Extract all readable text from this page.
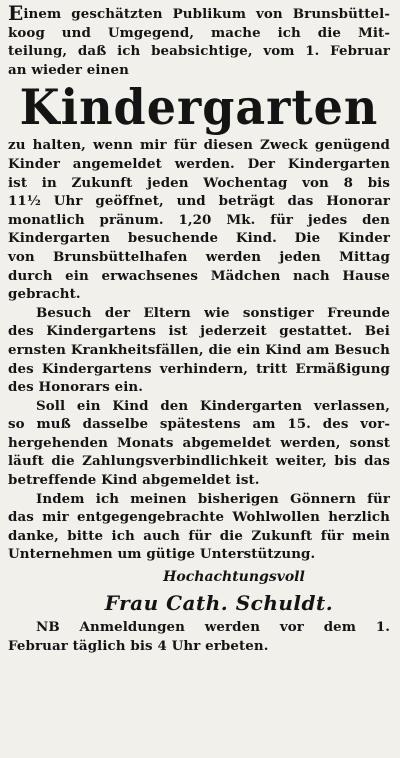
Einem geschätzten Publikum von Brunsbüttel-
koog und Umgegend, mache ich die Mit-
teilung, daß ich beabsichtige, vom 1. Februar
an wieder einen
Kindergarten
zu halten, wenn mir für diesen Zweck genügend
Kinder angemeldet werden. Der Kindergarten
ist in Zukunft jeden Wochentag von 8 bis
11½ Uhr geöffnet, und beträgt das Honorar
monatlich pränum. 1,20 Mk. für jedes den
Kindergarten besuchende Kind. Die Kinder
von Brunsbüttelhafen werden jeden Mittag
durch ein erwachsenes Mädchen nach Hause
gebracht.
Besuch der Eltern wie sonstiger Freunde
des Kindergartens ist jederzeit gestattet. Bei
ernsten Krankheitsfällen, die ein Kind am Besuch
des Kindergartens verhindern, tritt Ermäßigung
des Honorars ein.
Soll ein Kind den Kindergarten verlassen,
so muß dasselbe spätestens am 15. des vor-
hergehenden Monats abgemeldet werden, sonst
läuft die Zahlungsverbindlichkeit weiter, bis das
betreffende Kind abgemeldet ist.
Indem ich meinen bisherigen Gönnern für
das mir entgegengebrachte Wohlwollen herzlich
danke, bitte ich auch für die Zukunft für mein
Unternehmen um gütige Unterstützung.
Hochachtungsvoll
Frau Cath. Schuldt.
NB Anmeldungen werden vor dem 1.
Februar täglich bis 4 Uhr erbeten.
